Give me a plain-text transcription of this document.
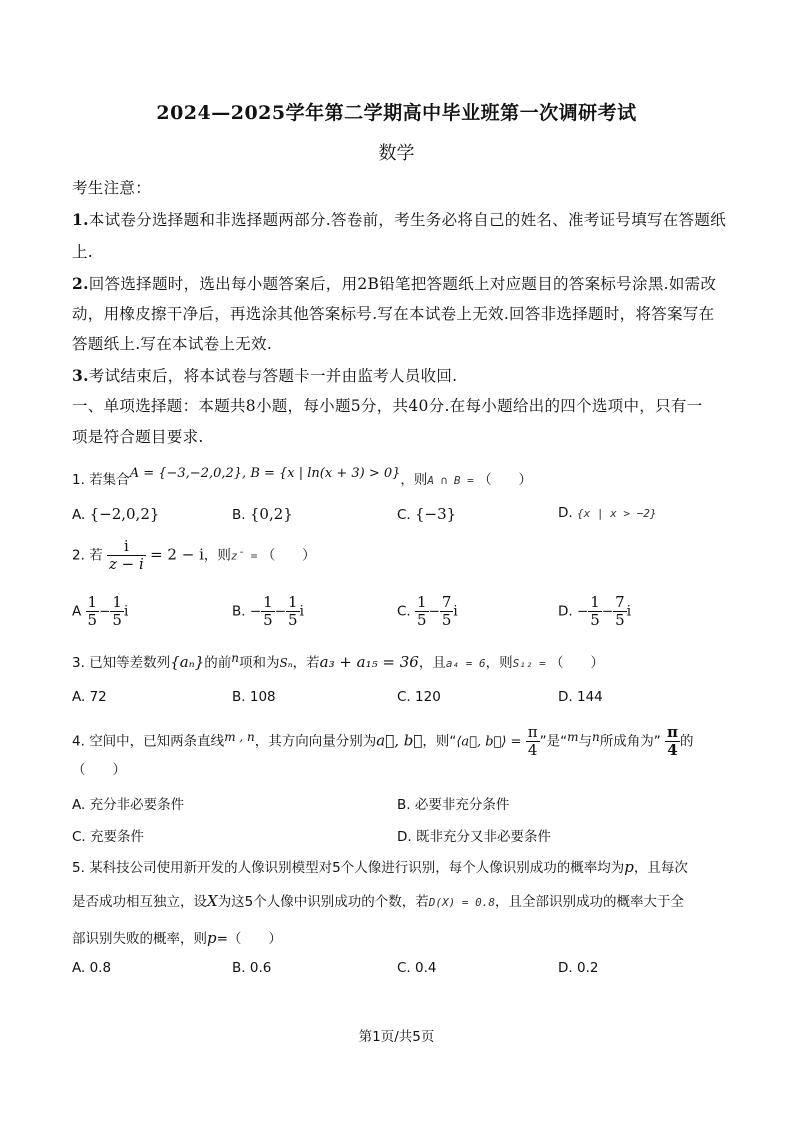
2024—2025学年第二学期高中毕业班第一次调研考试
数学
考生注意：
1.本试卷分选择题和非选择题两部分.答卷前，考生务必将自己的姓名、准考证号填写在答题纸
上.
2.回答选择题时，选出每小题答案后，用2B铅笔把答题纸上对应题目的答案标号涂黑.如需改
动，用橡皮擦干净后，再选涂其他答案标号.写在本试卷上无效.回答非选择题时，将答案写在
答题纸上.写在本试卷上无效.
3.考试结束后，将本试卷与答题卡一并由监考人员收回.
一、单项选择题：本题共8小题，每小题5分，共40分.在每小题给出的四个选项中，只有一
项是符合题目要求.
1. 若集合A = {−3,−2,0,2}, B = {x | ln(x + 3) > 0}，则A ∩ B = （　　）
A. {−2,0,2}	B. {0,2}	C. {−3}	D. {x | x > −2}
2. 若 $\frac{i}{z - i} = 2 - i$，则z̄ = （　　）
A $\frac{1}{5} - \frac{1}{5}$ i	B. − $\frac{1}{5} - \frac{1}{5}$ i	C. $\frac{1}{5} - \frac{7}{5}$ i	D. − $\frac{1}{5} - \frac{7}{5}$ i
3. 已知等差数列{aₙ}的前n项和为Sₙ，若a₃ + a₁₅ = 36，且a₄ = 6，则S₁₂ = （　　）
A. 72	B. 108	C. 120	D. 144
4. 空间中，已知两条直线m , n，其方向向量分别为a⃗, b⃗，则“⟨a⃗, b⃗⟩ = $\frac{\pi}{4}$ ”是“m与n所成角为” $\frac{\pi}{4}$ 的
（　　）
A. 充分非必要条件	B. 必要非充分条件
C. 充要条件	D. 既非充分又非必要条件
5. 某科技公司使用新开发的人像识别模型对5个人像进行识别，每个人像识别成功的概率均为p，且每次
是否成功相互独立，设X为这5个人像中识别成功的个数，若D(X) = 0.8，且全部识别成功的概率大于全
部识别失败的概率，则p=（　　）
A. 0.8	B. 0.6	C. 0.4	D. 0.2
第1页/共5页
